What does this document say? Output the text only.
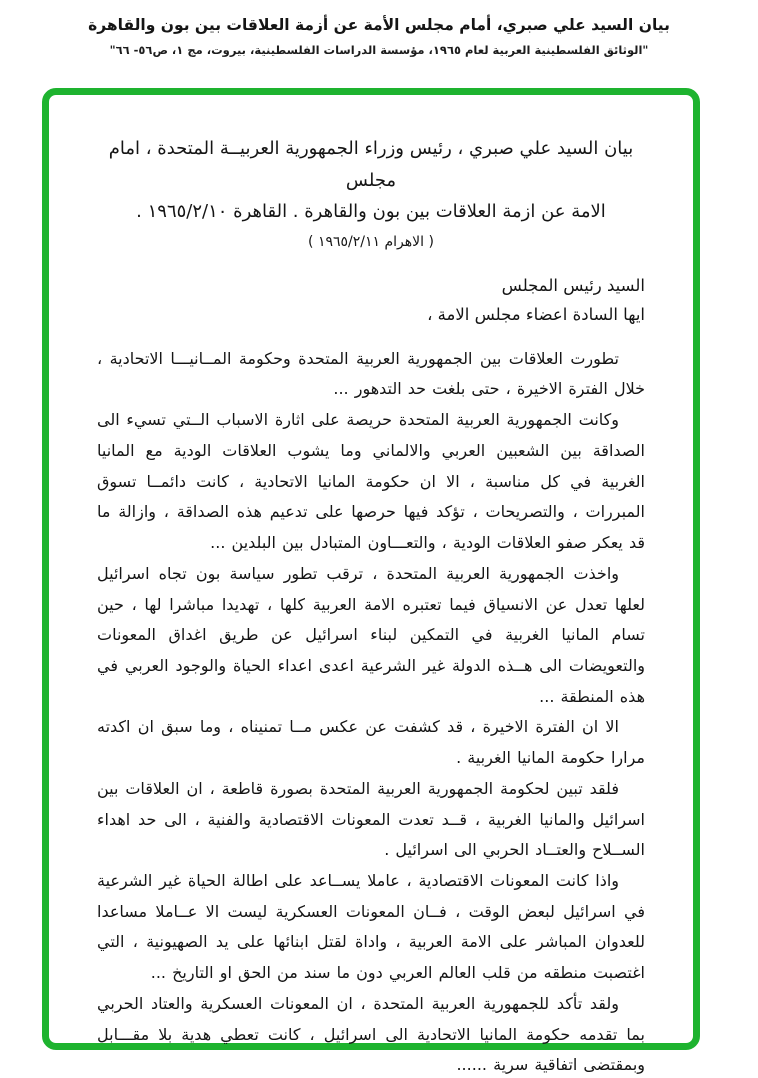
بيان السيد علي صبري، أمام مجلس الأمة عن أزمة العلاقات بين بون والقاهرة
"الوثائق الفلسطينية العربية لعام ١٩٦٥، مؤسسة الدراسات الفلسطينية، بيروت، مج ١، ص٥٦- ٦٦"
بيان السيد علي صبري ، رئيس وزراء الجمهورية العربيــة المتحدة ، امام مجلس
الامة عن ازمة العلاقات بين بون والقاهرة . القاهرة ١٩٦٥/٢/١٠ .
( الاهرام ١٩٦٥/٢/١١ )
السيد رئيس المجلس
ايها السادة اعضاء مجلس الامة ،

تطورت العلاقات بين الجمهورية العربية المتحدة وحكومة المــانيـــا الاتحادية ، خلال الفترة الاخيرة ، حتى بلغت حد التدهور ...

وكانت الجمهورية العربية المتحدة حريصة على اثارة الاسباب الــتي تسيء الى الصداقة بين الشعبين العربي والالماني وما يشوب العلاقات الودية مع المانيا الغربية في كل مناسبة ، الا ان حكومة المانيا الاتحادية ، كانت دائمــا تسوق المبررات ، والتصريحات ، تؤكد فيها حرصها على تدعيم هذه الصداقة ، وازالة ما قد يعكر صفو العلاقات الودية ، والتعـــاون المتبادل بين البلدين ...

واخذت الجمهورية العربية المتحدة ، ترقب تطور سياسة بون تجاه اسرائيل لعلها تعدل عن الانسياق فيما تعتبره الامة العربية كلها ، تهديدا مباشرا لها ، حين تسام المانيا الغربية في التمكين لبناء اسرائيل عن طريق اغداق المعونات والتعويضات الى هــذه الدولة غير الشرعية اعدى اعداء الحياة والوجود العربي في هذه المنطقة ...

الا ان الفترة الاخيرة ، قد كشفت عن عكس مــا تمنيناه ، وما سبق ان اكدته مرارا حكومة المانيا الغربية .

فلقد تبين لحكومة الجمهورية العربية المتحدة بصورة قاطعة ، ان العلاقات بين اسرائيل والمانيا الغربية ، قــد تعدت المعونات الاقتصادية والفنية ، الى حد اهداء الســلاح والعتــاد الحربي الى اسرائيل .

واذا كانت المعونات الاقتصادية ، عاملا يســاعد على اطالة الحياة غير الشرعية في اسرائيل لبعض الوقت ، فــان المعونات العسكرية ليست الا عــاملا مساعدا للعدوان المباشر على الامة العربية ، واداة لقتل ابنائها على يد الصهيونية ، التي اغتصبت منطقه من قلب العالم العربي دون ما سند من الحق او التاريخ ...

ولقد تأكد للجمهورية العربية المتحدة ، ان المعونات العسكرية والعتاد الحربي بما تقدمه حكومة المانيا الاتحادية الى اسرائيل ، كانت تعطي هدية بلا مقـــابل وبمقتضى اتفاقية سرية ......
